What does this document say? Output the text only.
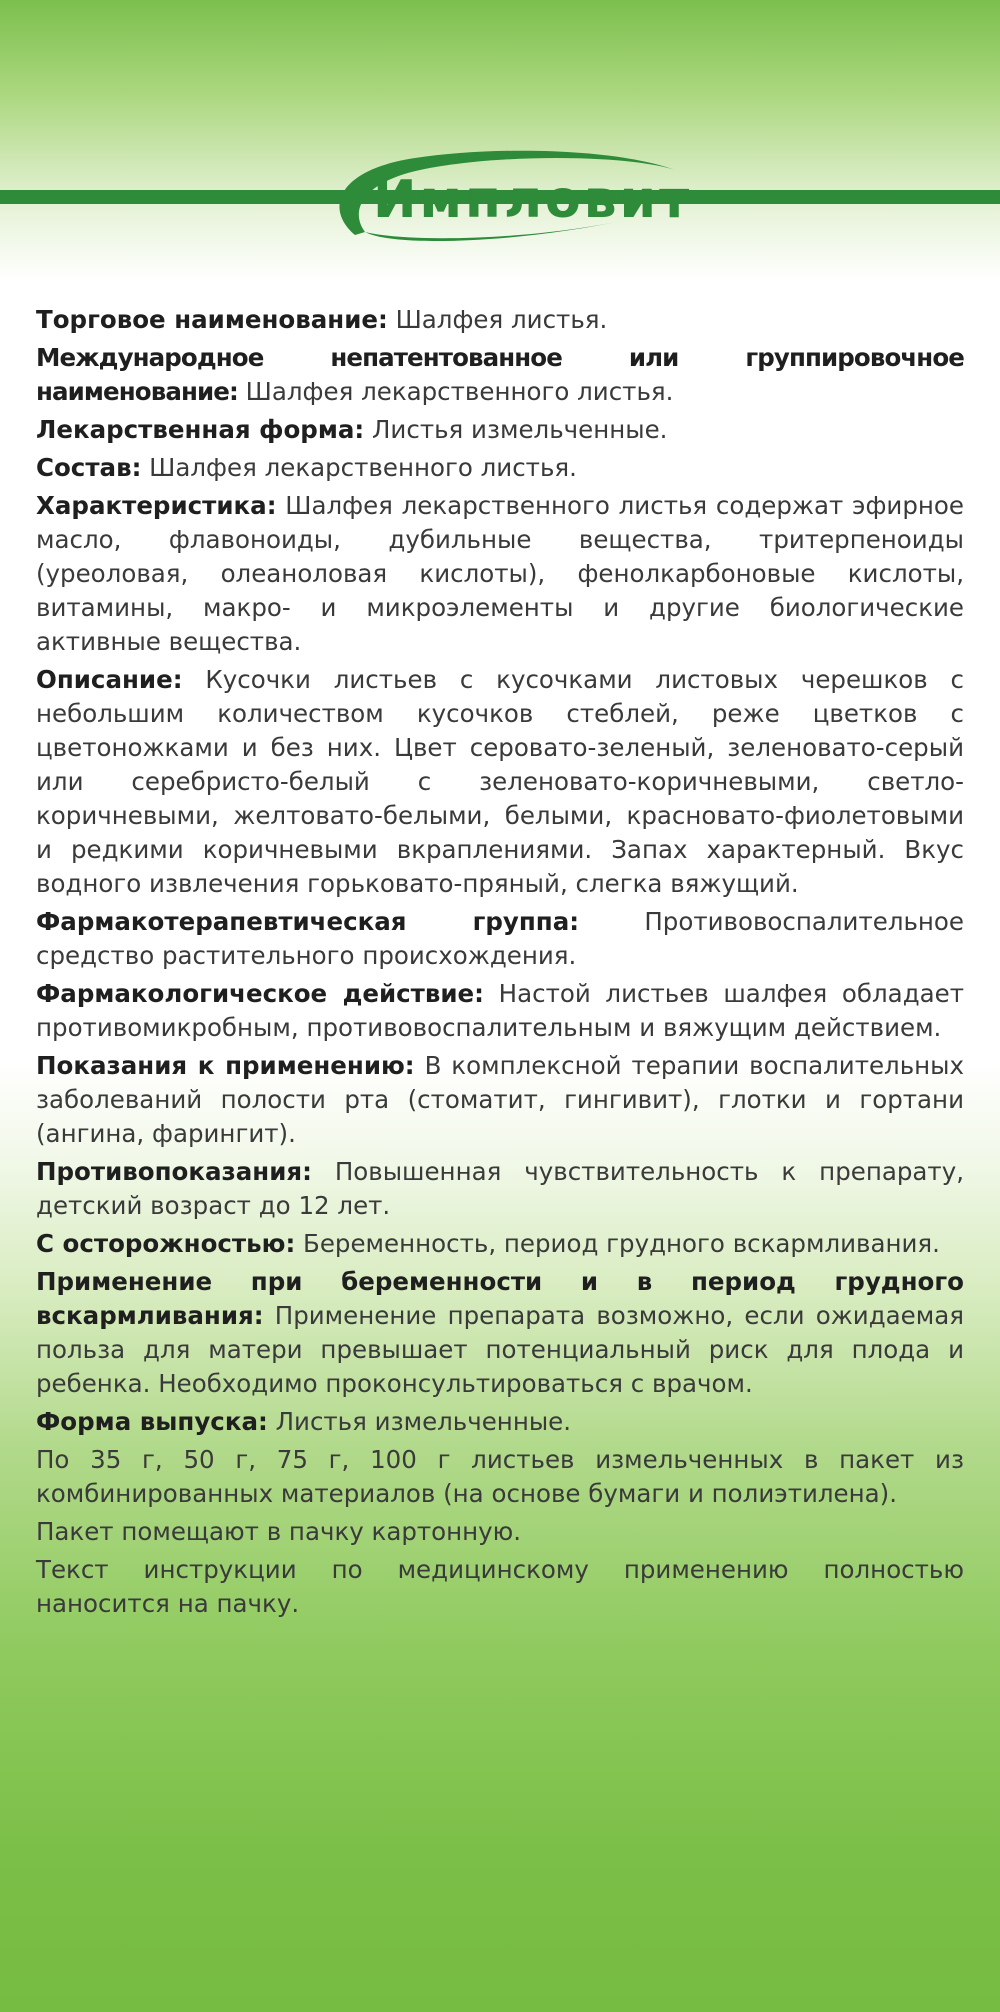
Импловит

Торговое наименование: Шалфея листья.

Международное непатентованное или группировочное наименование: Шалфея лекарственного листья.

Лекарственная форма: Листья измельченные.

Состав: Шалфея лекарственного листья.

Характеристика: Шалфея лекарственного листья содержат эфирное масло, флавоноиды, дубильные вещества, тритерпеноиды (уреоловая, олеаноловая кислоты), фенолкарбоновые кислоты, витамины, макро- и микроэлементы и другие биологические активные вещества.

Описание: Кусочки листьев с кусочками листовых черешков с небольшим количеством кусочков стеблей, реже цветков с цветоножками и без них. Цвет серовато-зеленый, зеленовато-серый или серебристо-белый с зеленовато-коричневыми, светло-коричневыми, желтовато-белыми, белыми, красновато-фиолетовыми и редкими коричневыми вкраплениями. Запах характерный. Вкус водного извлечения горьковато-пряный, слегка вяжущий.

Фармакотерапевтическая группа:	Противовоспалительное средство растительного происхождения.

Фармакологическое действие: Настой листьев шалфея обладает противомикробным, противовоспалительным и вяжущим действием.

Показания к применению: В комплексной терапии воспалительных заболеваний полости рта (стоматит, гингивит), глотки и гортани (ангина, фарингит).

Противопоказания: Повышенная чувствительность к препарату, детский возраст до 12 лет.

С осторожностью: Беременность, период грудного вскармливания.

Применение при беременности и в период грудного вскармливания: Применение препарата возможно, если ожидаемая польза для матери превышает потенциальный риск для плода и ребенка. Необходимо проконсультироваться с врачом.

Форма выпуска: Листья измельченные.

По 35 г, 50 г, 75 г, 100 г листьев измельченных в пакет из комбинированных материалов (на основе бумаги и полиэтилена).

Пакет помещают в пачку картонную.

Текст инструкции по медицинскому применению полностью наносится на пачку.
